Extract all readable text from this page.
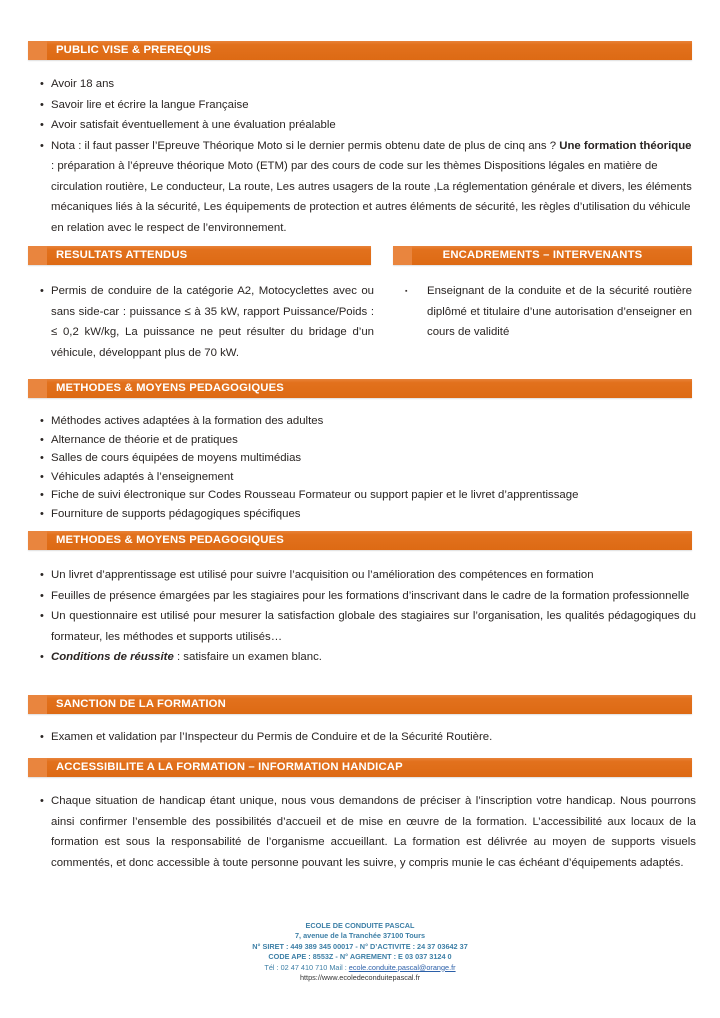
PUBLIC VISE & PREREQUIS
• Avoir 18 ans
• Savoir lire et écrire la langue Française
• Avoir satisfait éventuellement à une évaluation préalable
• Nota : il faut passer l’Epreuve Théorique Moto si le dernier permis obtenu date de plus de cinq ans ? Une formation théorique : préparation à l’épreuve théorique Moto (ETM) par des cours de code sur les thèmes Dispositions légales en matière de circulation routière, Le conducteur, La route, Les autres usagers de la route ,La réglementation générale et divers, les éléments mécaniques liés à la sécurité, Les équipements de protection et autres éléments de sécurité, les règles d’utilisation du véhicule en relation avec le respect de l’environnement.
RESULTATS ATTENDUS	ENCADREMENTS – INTERVENANTS
• Permis de conduire de la catégorie A2, Motocyclettes avec ou sans side-car : puissance ≤ à 35 kW, rapport Puissance/Poids : ≤ 0,2 kW/kg, La puissance ne peut résulter du bridage d’un véhicule, développant plus de 70 kW.
▪ Enseignant de la conduite et de la sécurité routière diplômé et titulaire d’une autorisation d’enseigner en cours de validité
METHODES & MOYENS PEDAGOGIQUES
• Méthodes actives adaptées à la formation des adultes
• Alternance de théorie et de pratiques
• Salles de cours équipées de moyens multimédias
• Véhicules adaptés à l’enseignement
• Fiche de suivi électronique sur Codes Rousseau Formateur ou support papier et le livret d’apprentissage
• Fourniture de supports pédagogiques spécifiques
METHODES & MOYENS PEDAGOGIQUES
• Un livret d’apprentissage est utilisé pour suivre l’acquisition ou l’amélioration des compétences en formation
• Feuilles de présence émargées par les stagiaires pour les formations d’inscrivant dans le cadre de la formation professionnelle
• Un questionnaire est utilisé pour mesurer la satisfaction globale des stagiaires sur l’organisation, les qualités pédagogiques du formateur, les méthodes et supports utilisés…
• Conditions de réussite : satisfaire un examen blanc.
SANCTION DE LA FORMATION
• Examen et validation par l’Inspecteur du Permis de Conduire et de la Sécurité Routière.
ACCESSIBILITE A LA FORMATION – INFORMATION HANDICAP
• Chaque situation de handicap étant unique, nous vous demandons de préciser à l’inscription votre handicap. Nous pourrons ainsi confirmer l’ensemble des possibilités d’accueil et de mise en œuvre de la formation. L’accessibilité aux locaux de la formation est sous la responsabilité de l’organisme accueillant. La formation est délivrée au moyen de supports visuels commentés, et donc accessible à toute personne pouvant les suivre, y compris munie le cas échéant d’équipements adaptés.
ECOLE DE CONDUITE PASCAL
7, avenue de la Tranchée 37100 Tours
N° SIRET : 449 389 345 00017 - N° D’ACTIVITE : 24 37 03642 37
CODE APE : 8553Z - N° AGREMENT : E 03 037 3124 0
Tél : 02 47 410 710 Mail : ecole.conduite.pascal@orange.fr
https://www.ecoledeconduitepascal.fr
